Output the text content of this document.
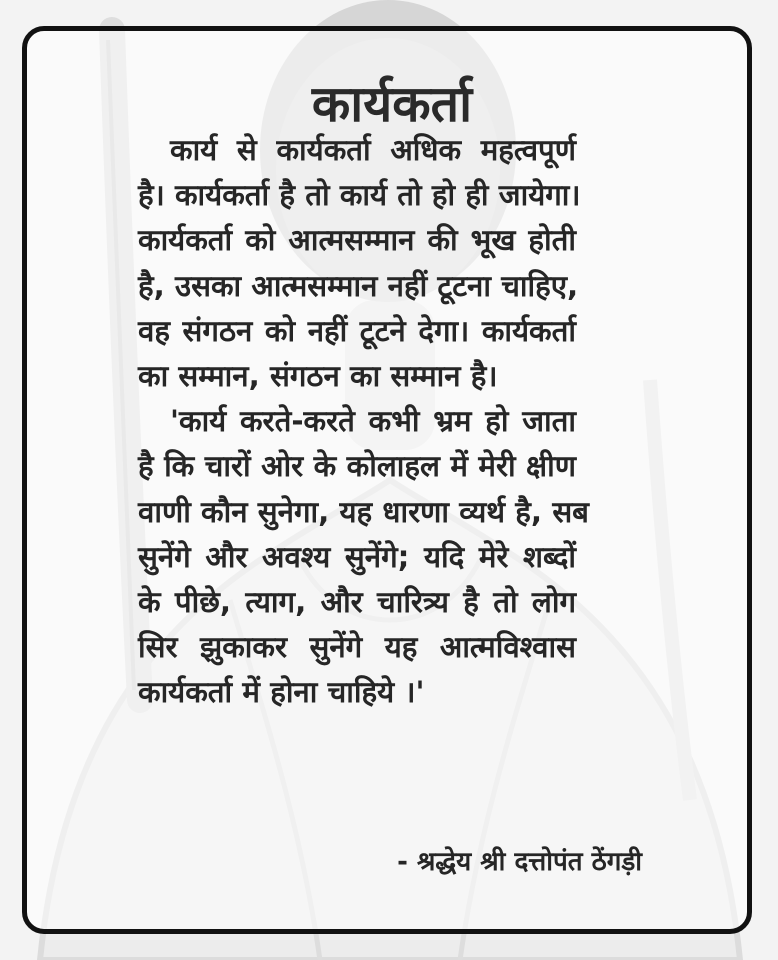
कार्यकर्ता
कार्य से कार्यकर्ता अधिक महत्वपूर्ण
है। कार्यकर्ता है तो कार्य तो हो ही जायेगा।
कार्यकर्ता को आत्मसम्मान की भूख होती
है, उसका आत्मसम्मान नहीं टूटना चाहिए,
वह संगठन को नहीं टूटने देगा। कार्यकर्ता
का सम्मान, संगठन का सम्मान है।
'कार्य करते-करते कभी भ्रम हो जाता
है कि चारों ओर के कोलाहल में मेरी क्षीण
वाणी कौन सुनेगा, यह धारणा व्यर्थ है, सब
सुनेंगे और अवश्य सुनेंगे; यदि मेरे शब्दों
के पीछे, त्याग, और चारित्र्य है तो लोग
सिर झुकाकर सुनेंगे यह आत्मविश्वास
कार्यकर्ता में होना चाहिये ।'
- श्रद्धेय श्री दत्तोपंत ठेंगड़ी
